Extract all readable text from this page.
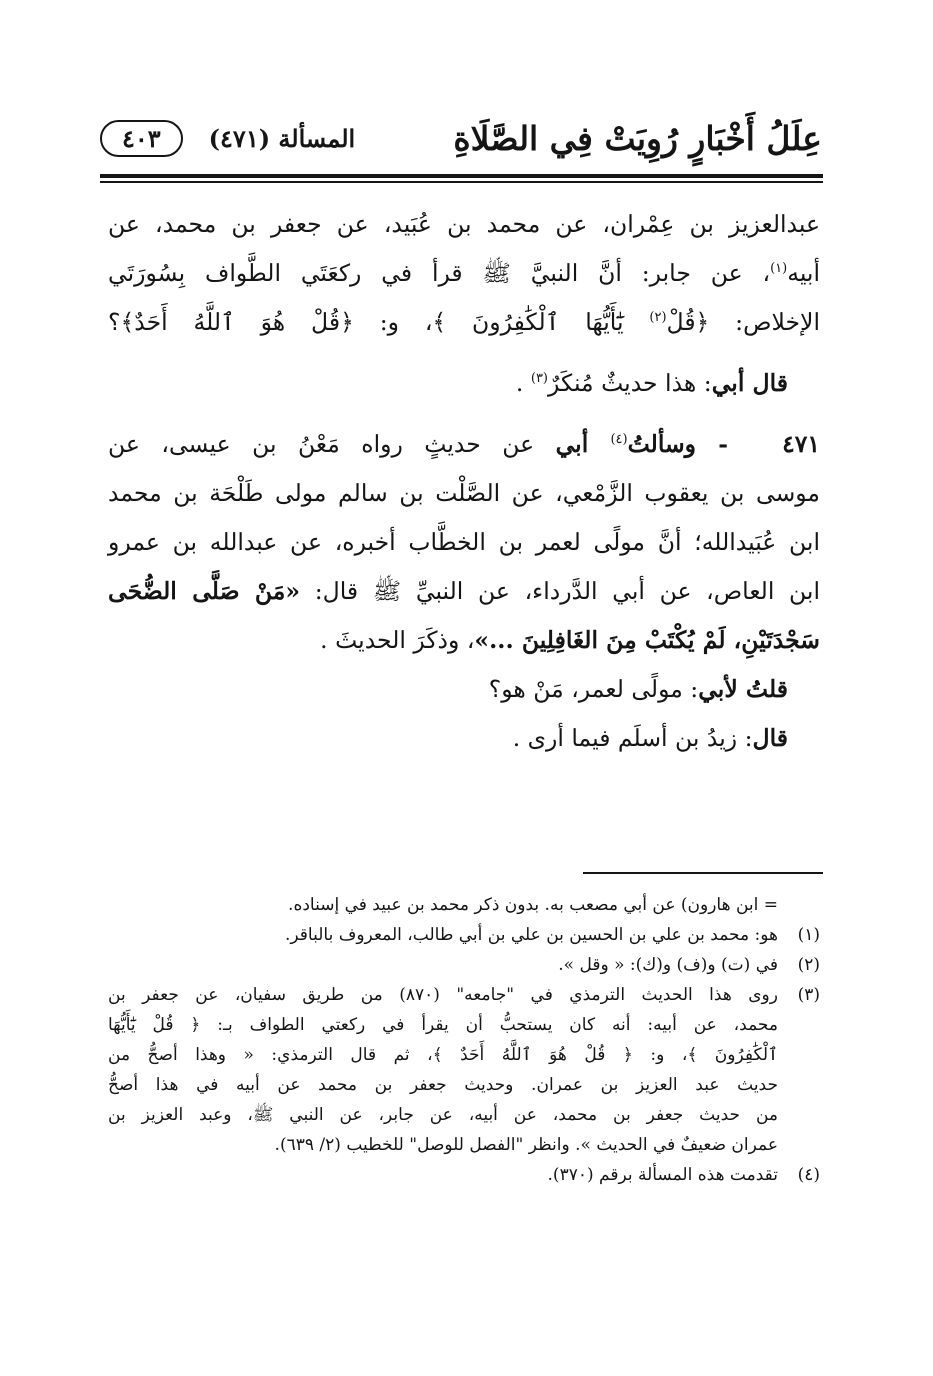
عِلَلُ أَخْبَارٍ رُوِيَتْ فِي الصَّلَاةِ
المسألة (٤٧١)
٤٠٣

عبدالعزيز بن عِمْران، عن محمد بن عُبَيد، عن جعفر بن محمد، عن
أبيه$^{(١)}$، عن جابر: أنَّ النبيَّ ﷺ قرأ في ركعَتَي الطَّواف بِسُورَتَي
الإخلاص: ﴿قُلْ$^{(٢)}$ يَٰٓأَيُّهَا ٱلْكَٰفِرُونَ ﴾، و: ﴿قُلْ هُوَ ٱللَّهُ أَحَدٌ﴾؟

قال أبي: هذا حديثٌ مُنكَرٌ$^{(٣)}$ .

٤٧١ - وسألتُ$^{(٤)}$ أبي عن حديثٍ رواه مَعْنُ بن عيسى، عن
موسى بن يعقوب الزَّمْعي، عن الصَّلْت بن سالم مولى طَلْحَة بن محمد
ابن عُبَيدالله؛ أنَّ مولًى لعمر بن الخطَّاب أخبره، عن عبدالله بن عمرو
ابن العاص، عن أبي الدَّرداء، عن النبيِّ ﷺ قال: «مَنْ صَلَّى الضُّحَى
سَجْدَتَيْنِ، لَمْ يُكْتَبْ مِنَ الغَافِلِينَ ...»، وذكَرَ الحديثَ .

قلتُ لأبي: مولًى لعمر، مَنْ هو؟

قال: زيدُ بن أسلَم فيما أرى .

= ابن هارون) عن أبي مصعب به. بدون ذكر محمد بن عبيد في إسناده.
(١)
هو: محمد بن علي بن الحسين بن علي بن أبي طالب، المعروف بالباقر.
(٢)
في (ت) و(ف) و(ك): « وقل ».
(٣)
روى هذا الحديث الترمذي في "جامعه" (٨٧٠) من طريق سفيان، عن جعفر بن
محمد، عن أبيه: أنه كان يستحبُّ أن يقرأ في ركعتي الطواف بـ: ﴿ قُلْ يَٰٓأَيُّهَا
ٱلْكَٰفِرُونَ ﴾، و: ﴿ قُلْ هُوَ ٱللَّهُ أَحَدٌ ﴾، ثم قال الترمذي: « وهذا أصحُّ من
حديث عبد العزيز بن عمران. وحديث جعفر بن محمد عن أبيه في هذا أصحُّ
من حديث جعفر بن محمد، عن أبيه، عن جابر، عن النبي ﷺ، وعبد العزيز بن
عمران ضعيفٌ في الحديث ». وانظر "الفصل للوصل" للخطيب (٢/ ٦٣٩).
(٤)
تقدمت هذه المسألة برقم (٣٧٠).
